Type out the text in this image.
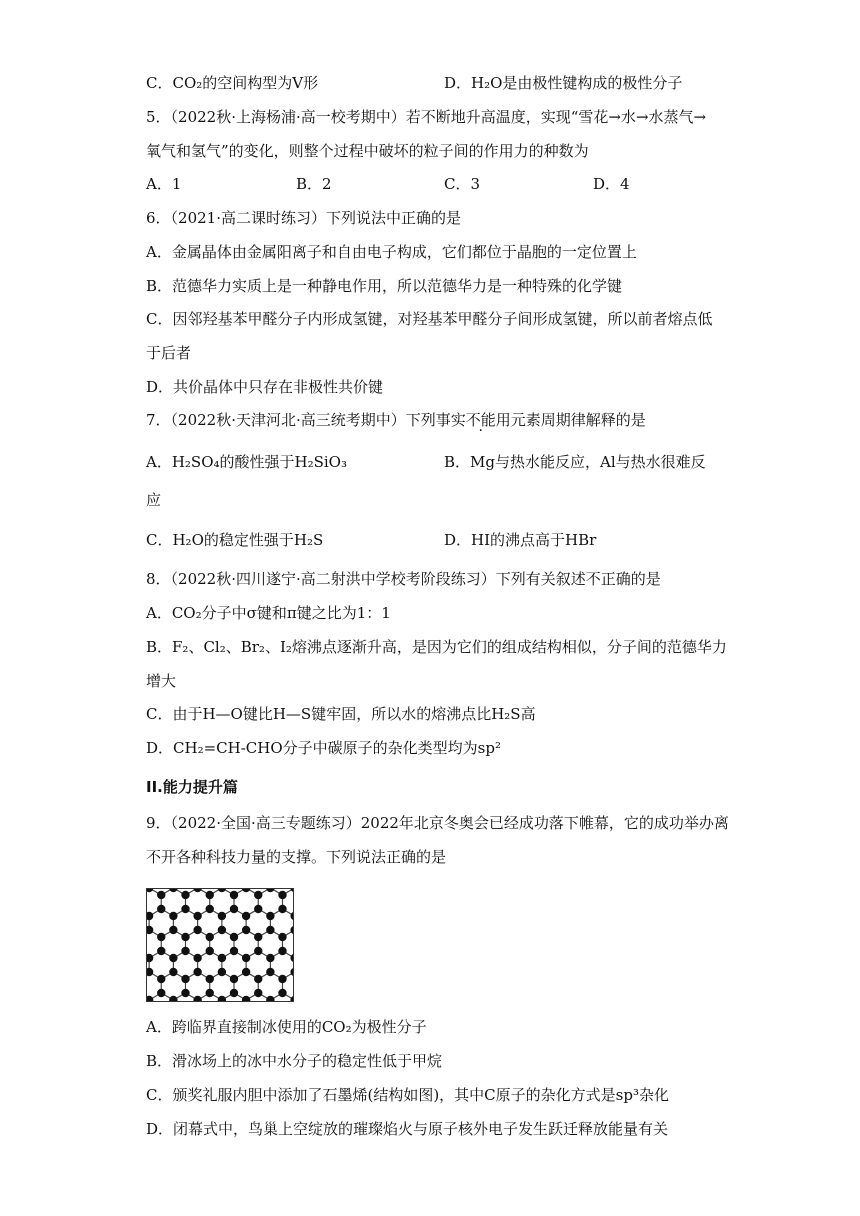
C．CO₂的空间构型为V形	D．H₂O是由极性键构成的极性分子
5．（2022秋·上海杨浦·高一校考期中）若不断地升高温度，实现“雪花→水→水蒸气→
氧气和氢气”的变化，则整个过程中破坏的粒子间的作用力的种数为
A．1	B．2	C．3	D．4
6．（2021·高二课时练习）下列说法中正确的是
A．金属晶体由金属阳离子和自由电子构成，它们都位于晶胞的一定位置上
B．范德华力实质上是一种静电作用，所以范德华力是一种特殊的化学键
C．因邻羟基苯甲醛分子内形成氢键，对羟基苯甲醛分子间形成氢键，所以前者熔点低
于后者
D．共价晶体中只存在非极性共价键
7．（2022秋·天津河北·高三统考期中）下列事实不能用元素周期律解释的是
A．H₂SO₄的酸性强于H₂SiO₃	B．Mg与热水能反应，Al与热水很难反
应
C．H₂O的稳定性强于H₂S	D．HI的沸点高于HBr
8．（2022秋·四川遂宁·高二射洪中学校考阶段练习）下列有关叙述不正确的是
A．CO₂分子中σ键和π键之比为1：1
B．F₂、Cl₂、Br₂、I₂熔沸点逐渐升高，是因为它们的组成结构相似，分子间的范德华力
增大
C．由于H—O键比H—S键牢固，所以水的熔沸点比H₂S高
D．CH₂=CH-CHO分子中碳原子的杂化类型均为sp²
II.能力提升篇
9．（2022·全国·高三专题练习）2022年北京冬奥会已经成功落下帷幕，它的成功举办离
不开各种科技力量的支撑。下列说法正确的是
A．跨临界直接制冰使用的CO₂为极性分子
B．滑冰场上的冰中水分子的稳定性低于甲烷
C．颁奖礼服内胆中添加了石墨烯(结构如图)，其中C原子的杂化方式是sp³杂化
D．闭幕式中，鸟巢上空绽放的璀璨焰火与原子核外电子发生跃迁释放能量有关
